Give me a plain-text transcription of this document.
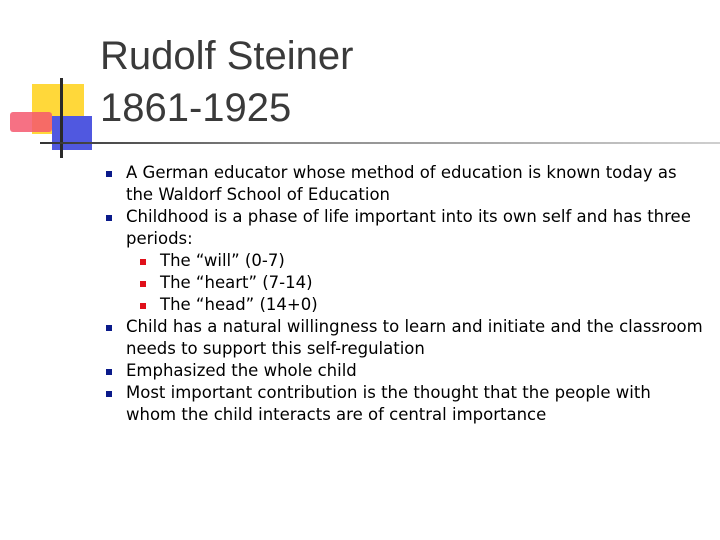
Rudolf Steiner
1861-1925
A German educator whose method of education is known today as the Waldorf School of Education
Childhood is a phase of life important into its own self and has three periods:
The “will” (0-7)
The “heart” (7-14)
The “head” (14+0)
Child has a natural willingness to learn and initiate and the classroom needs to support this self-regulation
Emphasized the whole child
Most important contribution is the thought that the people with whom the child interacts are of central importance
